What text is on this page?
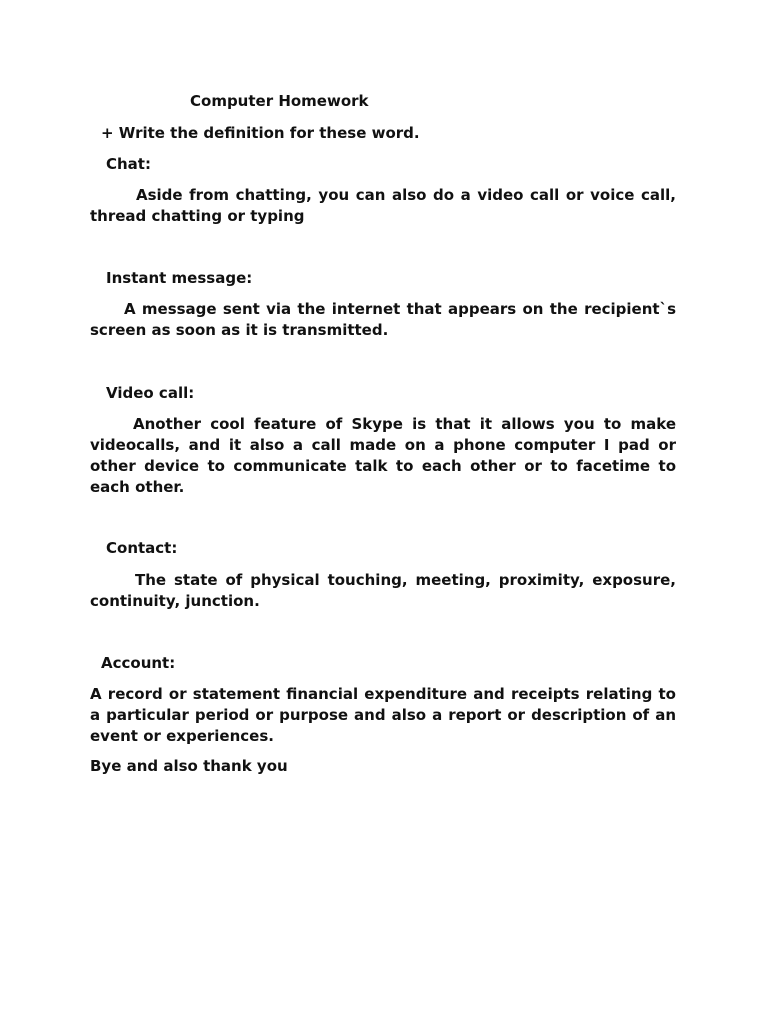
Computer Homework
+ Write the definition for these word.
Chat:
Aside from chatting, you can also do a video call or voice call, thread chatting or typing
Instant message:
A message sent via the internet that appears on the recipient`s screen as soon as it is transmitted.
Video call:
Another cool feature of Skype is that it allows you to make videocalls, and it also a call made on a phone computer I pad or other device to communicate talk to each other or to facetime to each other.
Contact:
The state of physical touching, meeting, proximity, exposure, continuity, junction.
Account:
A record or statement financial expenditure and receipts relating to a particular period or purpose and also a report or description of an event or experiences.
Bye and also thank you
